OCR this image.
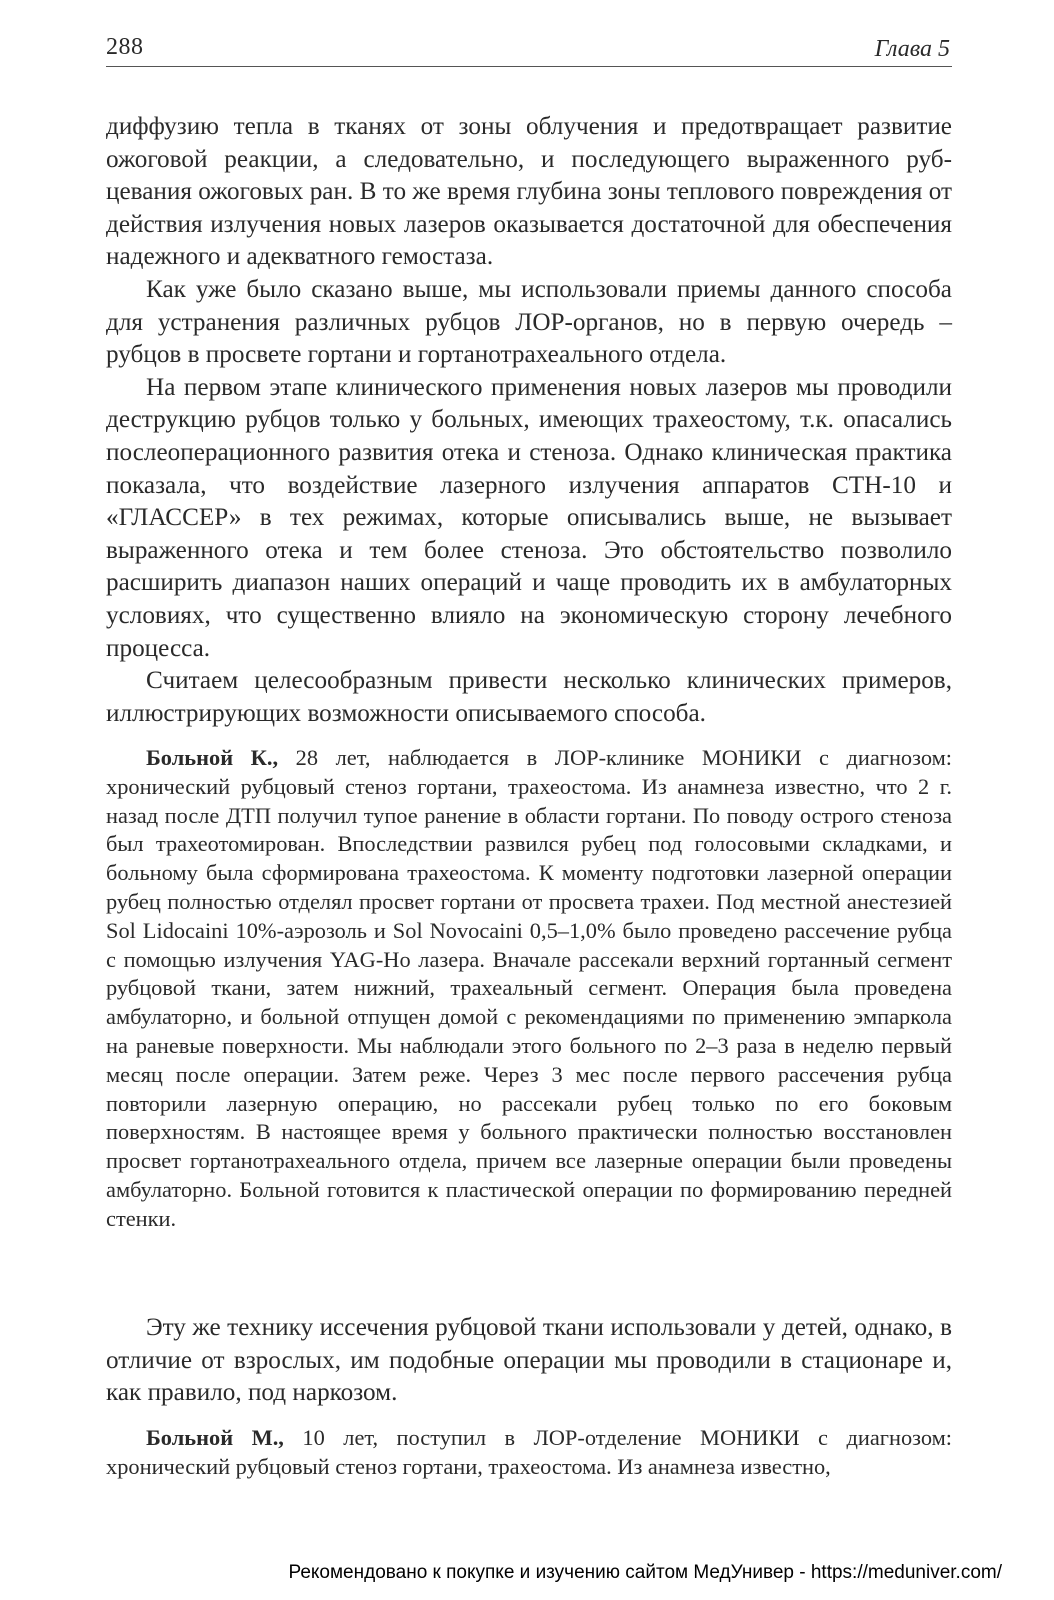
288	Глава 5

диффузию тепла в тканях от зоны облучения и предотвращает развитие ожоговой реакции, а следовательно, и последующего выраженного рубцевания ожоговых ран. В то же время глубина зоны теплового повреждения от действия излучения новых лазеров оказывается достаточной для обеспечения надежного и адекватного гемостаза.

Как уже было сказано выше, мы использовали приемы данного способа для устранения различных рубцов ЛОР-органов, но в первую очередь – рубцов в просвете гортани и гортанотрахеального отдела.

На первом этапе клинического применения новых лазеров мы проводили деструкцию рубцов только у больных, имеющих трахеостому, т.к. опасались послеоперационного развития отека и стеноза. Однако клиническая практика показала, что воздействие лазерного излучения аппаратов СТН-10 и «ГЛАССЕР» в тех режимах, которые описывались выше, не вызывает выраженного отека и тем более стеноза. Это обстоятельство позволило расширить диапазон наших операций и чаще проводить их в амбулаторных условиях, что существенно влияло на экономическую сторону лечебного процесса.

Считаем целесообразным привести несколько клинических примеров, иллюстрирующих возможности описываемого способа.

Больной К., 28 лет, наблюдается в ЛОР-клинике МОНИКИ с диагнозом: хронический рубцовый стеноз гортани, трахеостома. Из анамнеза известно, что 2 г. назад после ДТП получил тупое ранение в области гортани. По поводу острого стеноза был трахеотомирован. Впоследствии развился рубец под голосовыми складками, и больному была сформирована трахеостома. К моменту подготовки лазерной операции рубец полностью отделял просвет гортани от просвета трахеи. Под местной анестезией Sol Lidocaini 10%-аэрозоль и Sol Novocaini 0,5–1,0% было проведено рассечение рубца с помощью излучения YAG-Но лазера. Вначале рассекали верхний гортанный сегмент рубцовой ткани, затем нижний, трахеальный сегмент. Операция была проведена амбулаторно, и больной отпущен домой с рекомендациями по применению эмпаркола на раневые поверхности. Мы наблюдали этого больного по 2–3 раза в неделю первый месяц после операции. Затем реже. Через 3 мес после первого рассечения рубца повторили лазерную операцию, но рассекали рубец только по его боковым поверхностям. В настоящее время у больного практически полностью восстановлен просвет гортанотрахеального отдела, причем все лазерные операции были проведены амбулаторно. Больной готовится к пластической операции по формированию передней стенки.

Эту же технику иссечения рубцовой ткани использовали у детей, однако, в отличие от взрослых, им подобные операции мы проводили в стационаре и, как правило, под наркозом.

Больной М., 10 лет, поступил в ЛОР-отделение МОНИКИ с диагнозом: хронический рубцовый стеноз гортани, трахеостома. Из анамнеза известно,

Рекомендовано к покупке и изучению сайтом МедУнивер - https://meduniver.com/
